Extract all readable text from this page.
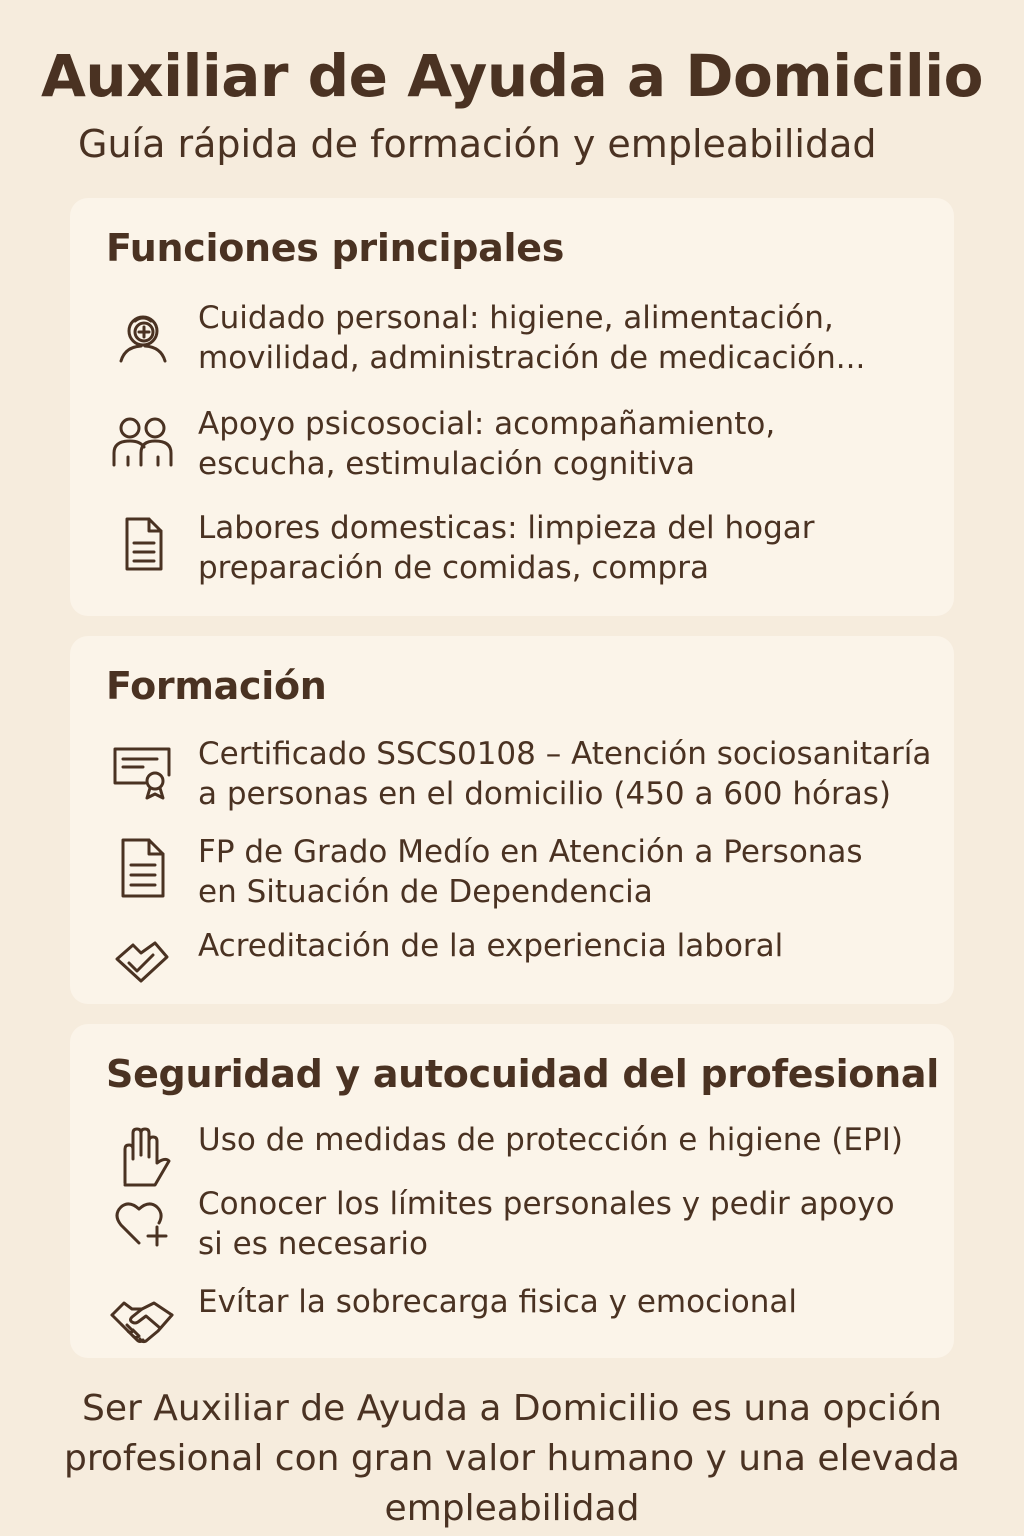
Auxiliar de Ayuda a Domicilio
Guía rápida de formación y empleabilidad
Funciones principales
Cuidado personal: higiene, alimentación,
movilidad, administración de medicación...
Apoyo psicosocial: acompañamiento,
escucha, estimulación cognitiva
Labores domesticas: limpieza del hogar
preparación de comidas, compra
Formación
Certificado SSCS0108 – Atención sociosanitaría
a personas en el domicilio (450 a 600 hóras)
FP de Grado Medío en Atención a Personas
en Situación de Dependencia
Acreditación de la experiencia laboral
Seguridad y autocuidad del profesional
Uso de medidas de protección e higiene (EPI)
Conocer los límites personales y pedir apoyo
si es necesario
Evítar la sobrecarga fisica y emocional
Ser Auxiliar de Ayuda a Domicilio es una opción
profesional con gran valor humano y una elevada
empleabilidad
